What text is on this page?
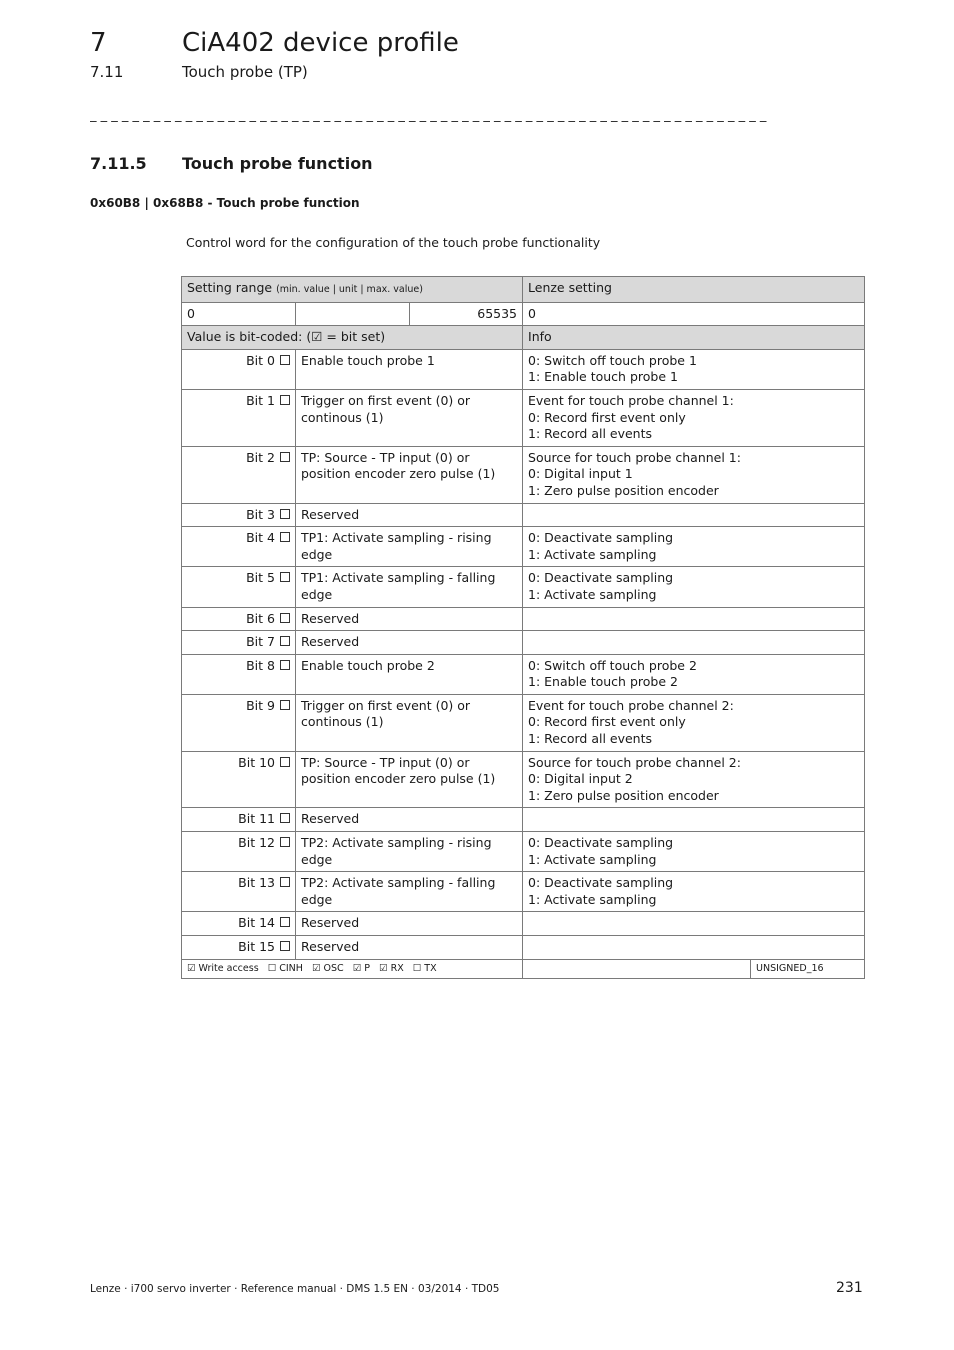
7	CiA402 device profile
7.11	Touch probe (TP)
_ _ _ _ _ _ _ _ _ _ _ _ _ _ _ _ _ _ _ _ _ _ _ _ _ _ _ _ _ _ _ _ _ _ _ _ _ _ _ _ _ _ _ _ _ _ _ _ _ _ _ _ _ _ _ _ _ _ _ _ _ _ _ _
7.11.5 Touch probe function
0x60B8 | 0x68B8 - Touch probe function
Control word for the configuration of the touch probe functionality
Setting range (min. value | unit | max. value)			Lenze setting	
0		65535	0	
Value is bit-coded: (☑ = bit set)			Info	
Bit 0	Enable touch probe 1		0: Switch off touch probe 1
1: Enable touch probe 1	

Bit 1	Trigger on first event (0) or continous (1)		Event for touch probe channel 1:
0: Record first event only
1: Record all events	

Bit 2	TP: Source - TP input (0) or position encoder zero pulse (1)		Source for touch probe channel 1:
0: Digital input 1
1: Zero pulse position encoder	

Bit 3	Reserved			
Bit 4	TP1: Activate sampling - rising edge		0: Deactivate sampling
1: Activate sampling	

Bit 5	TP1: Activate sampling - falling edge		0: Deactivate sampling
1: Activate sampling	

Bit 6	Reserved			
Bit 7	Reserved			
Bit 8	Enable touch probe 2		0: Switch off touch probe 2
1: Enable touch probe 2	

Bit 9	Trigger on first event (0) or continous (1)		Event for touch probe channel 2:
0: Record first event only
1: Record all events	

Bit 10	TP: Source - TP input (0) or position encoder zero pulse (1)		Source for touch probe channel 2:
0: Digital input 2
1: Zero pulse position encoder	

Bit 11	Reserved			
Bit 12	TP2: Activate sampling - rising edge		0: Deactivate sampling
1: Activate sampling	

Bit 13	TP2: Activate sampling - falling edge		0: Deactivate sampling
1: Activate sampling	

Bit 14	Reserved			
Bit 15	Reserved			
☑ Write access   ☐ CINH   ☑ OSC   ☑ P   ☑ RX   ☐ TX				UNSIGNED_16
Lenze · i700 servo inverter · Reference manual · DMS 1.5 EN · 03/2014 · TD05	231
